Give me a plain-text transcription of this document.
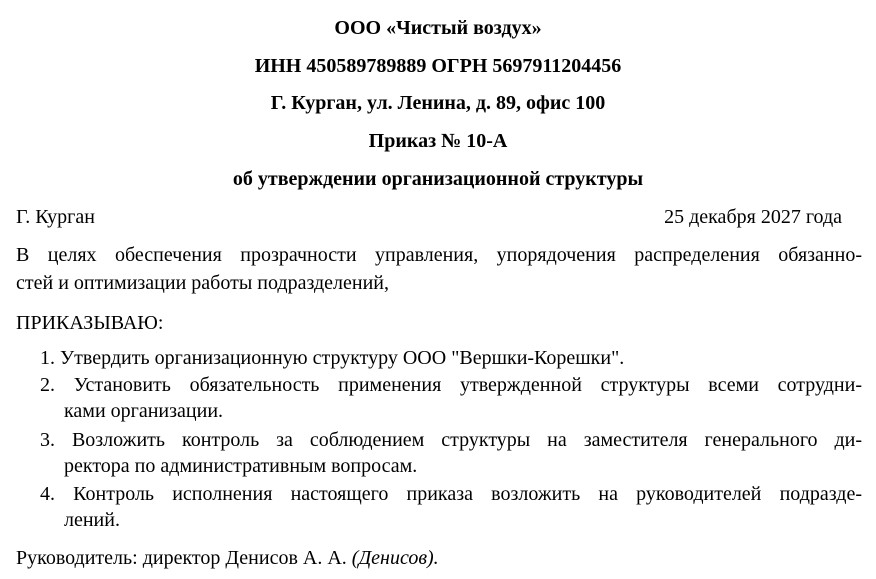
ООО «Чистый воздух»
ИНН 450589789889 ОГРН 5697911204456
Г. Курган, ул. Ленина, д. 89, офис 100
Приказ № 10-А
об утверждении организационной структуры
Г. Курган	25 декабря 2027 года
В целях обеспечения прозрачности управления, упорядочения распределения обязанно-
стей и оптимизации работы подразделений,
ПРИКАЗЫВАЮ:
1. Утвердить организационную структуру ООО "Вершки-Корешки".
2. Установить обязательность применения утвержденной структуры всеми сотрудни-
ками организации.
3. Возложить контроль за соблюдением структуры на заместителя генерального ди-
ректора по административным вопросам.
4. Контроль исполнения настоящего приказа возложить на руководителей подразде-
лений.
Руководитель: директор Денисов А. А. (Денисов).
